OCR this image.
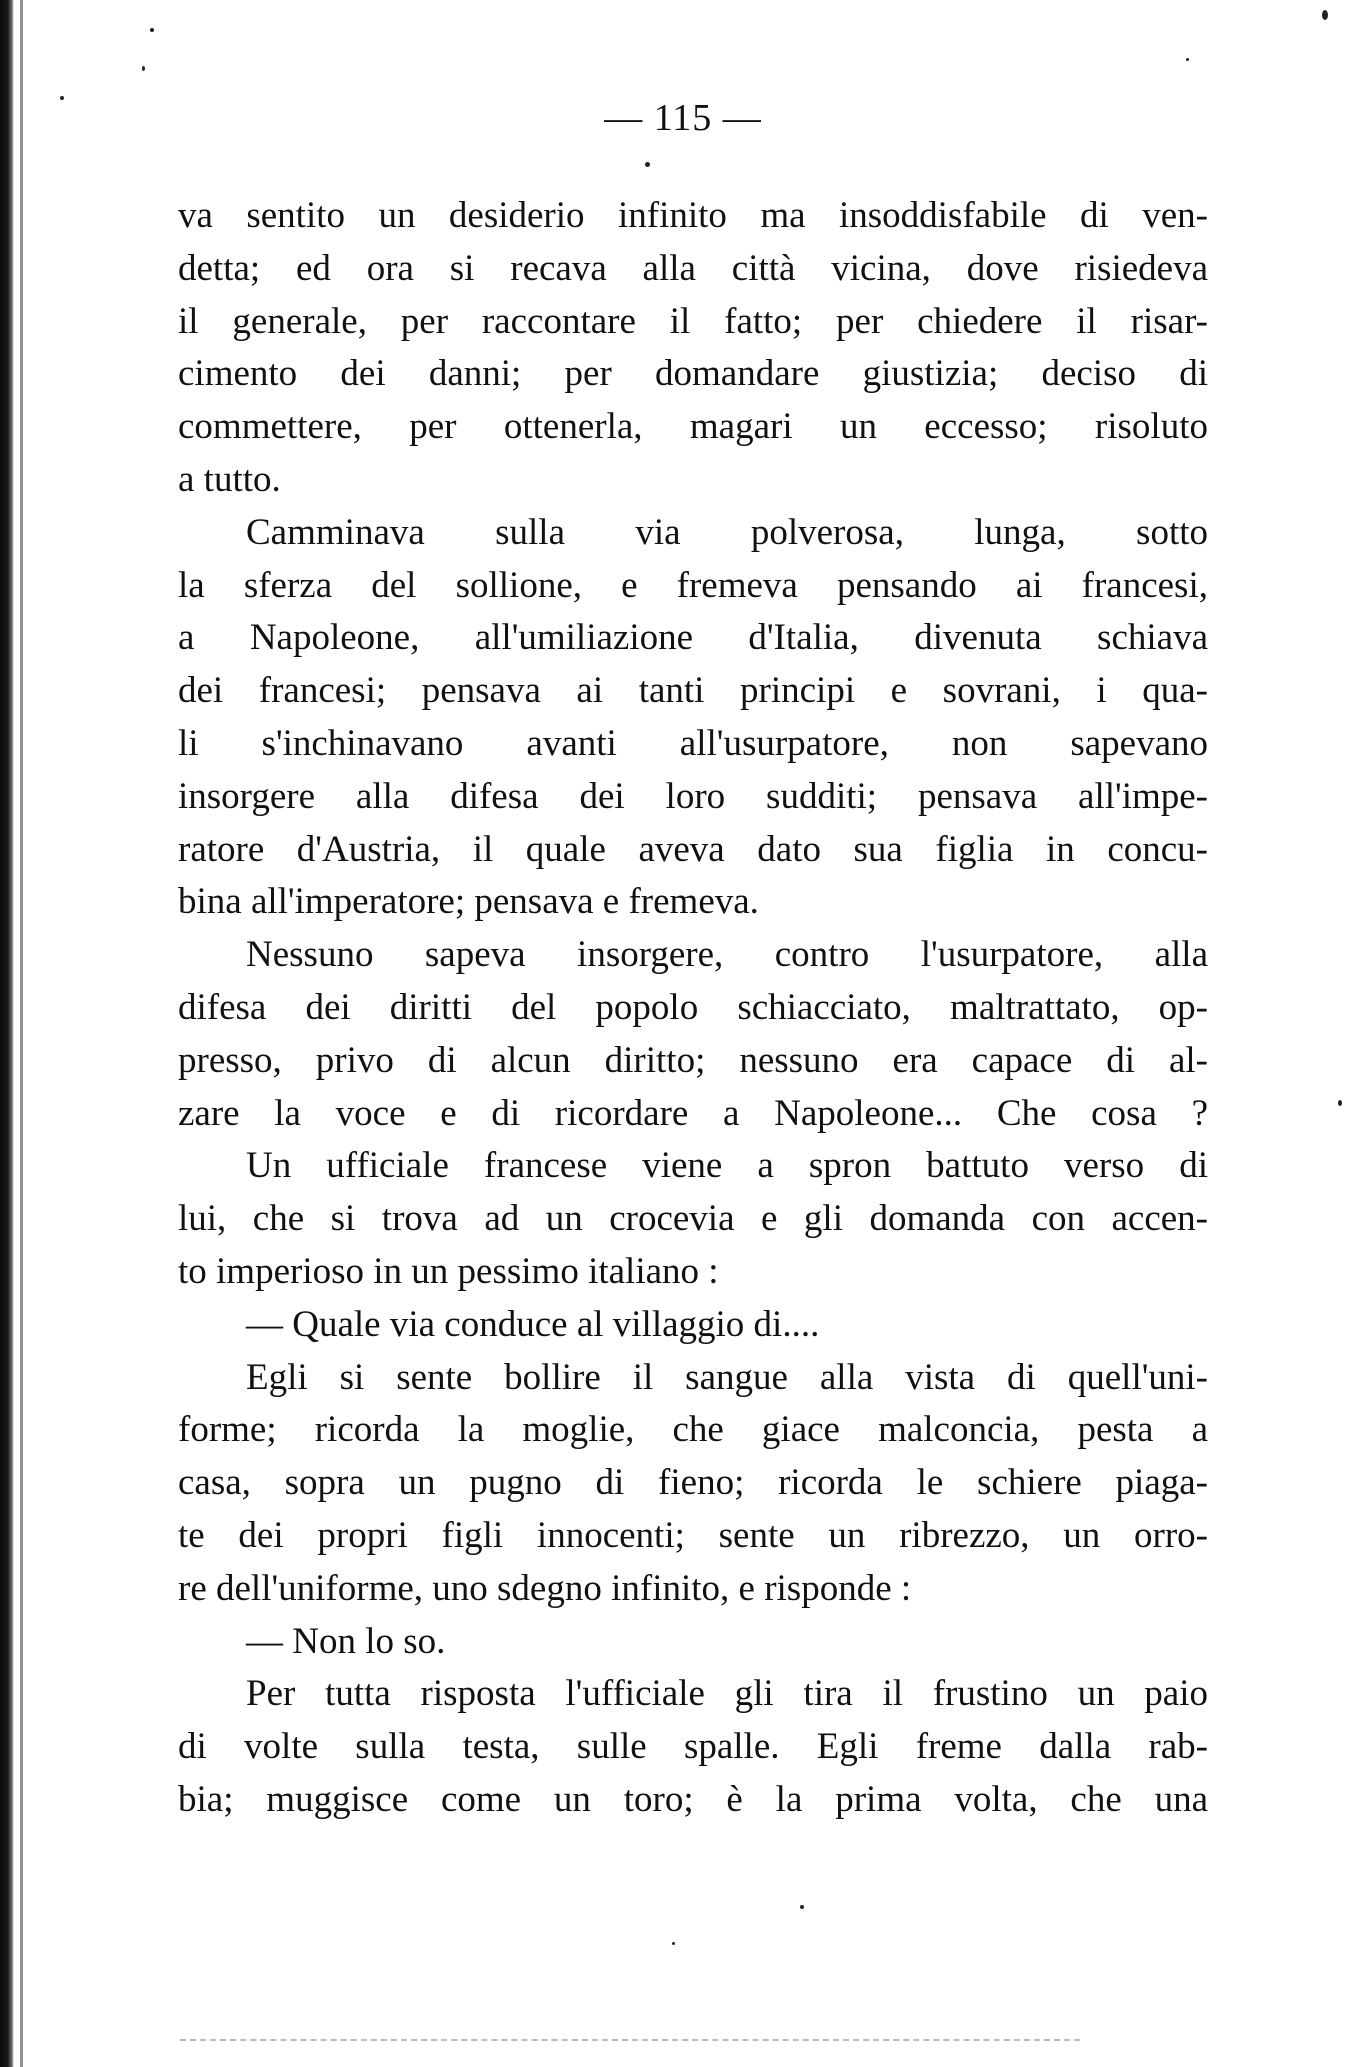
— 115 —
va sentito un desiderio infinito ma insoddisfabile di ven-
detta; ed ora si recava alla città vicina, dove risiedeva
il generale, per raccontare il fatto; per chiedere il risar-
cimento dei danni; per domandare giustizia; deciso di
commettere, per ottenerla, magari un eccesso; risoluto
a tutto.
Camminava sulla via polverosa, lunga, sotto
la sferza del sollione, e fremeva pensando ai francesi,
a Napoleone, all'umiliazione d'Italia, divenuta schiava
dei francesi; pensava ai tanti principi e sovrani, i qua-
li s'inchinavano avanti all'usurpatore, non sapevano
insorgere alla difesa dei loro sudditi; pensava all'impe-
ratore d'Austria, il quale aveva dato sua figlia in concu-
bina all'imperatore; pensava e fremeva.
Nessuno sapeva insorgere, contro l'usurpatore, alla
difesa dei diritti del popolo schiacciato, maltrattato, op-
presso, privo di alcun diritto; nessuno era capace di al-
zare la voce e di ricordare a Napoleone... Che cosa ?
Un ufficiale francese viene a spron battuto verso di
lui, che si trova ad un crocevia e gli domanda con accen-
to imperioso in un pessimo italiano :
— Quale via conduce al villaggio di....
Egli si sente bollire il sangue alla vista di quell'uni-
forme; ricorda la moglie, che giace malconcia, pesta a
casa, sopra un pugno di fieno; ricorda le schiere piaga-
te dei propri figli innocenti; sente un ribrezzo, un orro-
re dell'uniforme, uno sdegno infinito, e risponde :
— Non lo so.
Per tutta risposta l'ufficiale gli tira il frustino un paio
di volte sulla testa, sulle spalle. Egli freme dalla rab-
bia; muggisce come un toro; è la prima volta, che una
